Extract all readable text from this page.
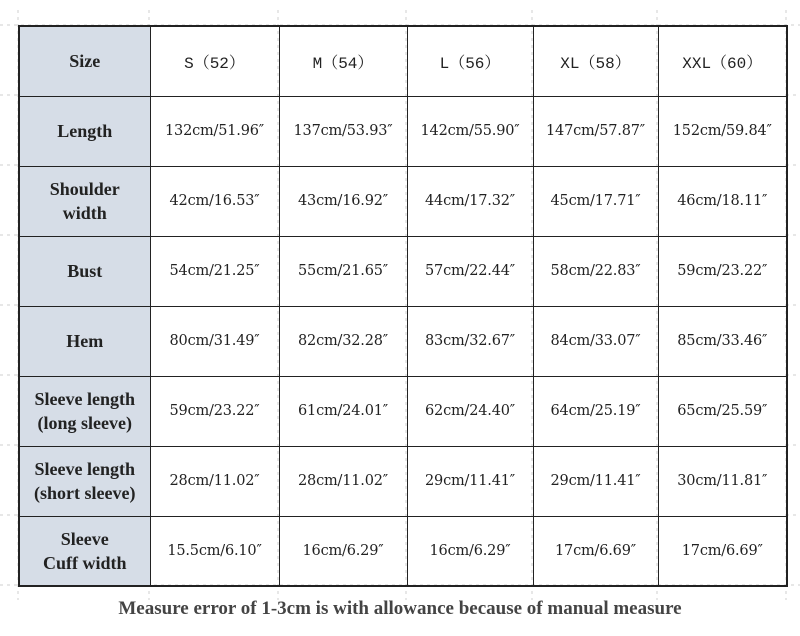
Size	S（52）	M（54）	L（56）	XL（58）	XXL（60）
Length	132cm/51.96″	137cm/53.93″	142cm/55.90″	147cm/57.87″	152cm/59.84″
Shoulder
width	42cm/16.53″	43cm/16.92″	44cm/17.32″	45cm/17.71″	46cm/18.11″
Bust	54cm/21.25″	55cm/21.65″	57cm/22.44″	58cm/22.83″	59cm/23.22″
Hem	80cm/31.49″	82cm/32.28″	83cm/32.67″	84cm/33.07″	85cm/33.46″
Sleeve length
(long sleeve)	59cm/23.22″	61cm/24.01″	62cm/24.40″	64cm/25.19″	65cm/25.59″
Sleeve length
(short sleeve)	28cm/11.02″	28cm/11.02″	29cm/11.41″	29cm/11.41″	30cm/11.81″
Sleeve
Cuff width	15.5cm/6.10″	16cm/6.29″	16cm/6.29″	17cm/6.69″	17cm/6.69″
Measure error of 1-3cm is with allowance because of manual measure
